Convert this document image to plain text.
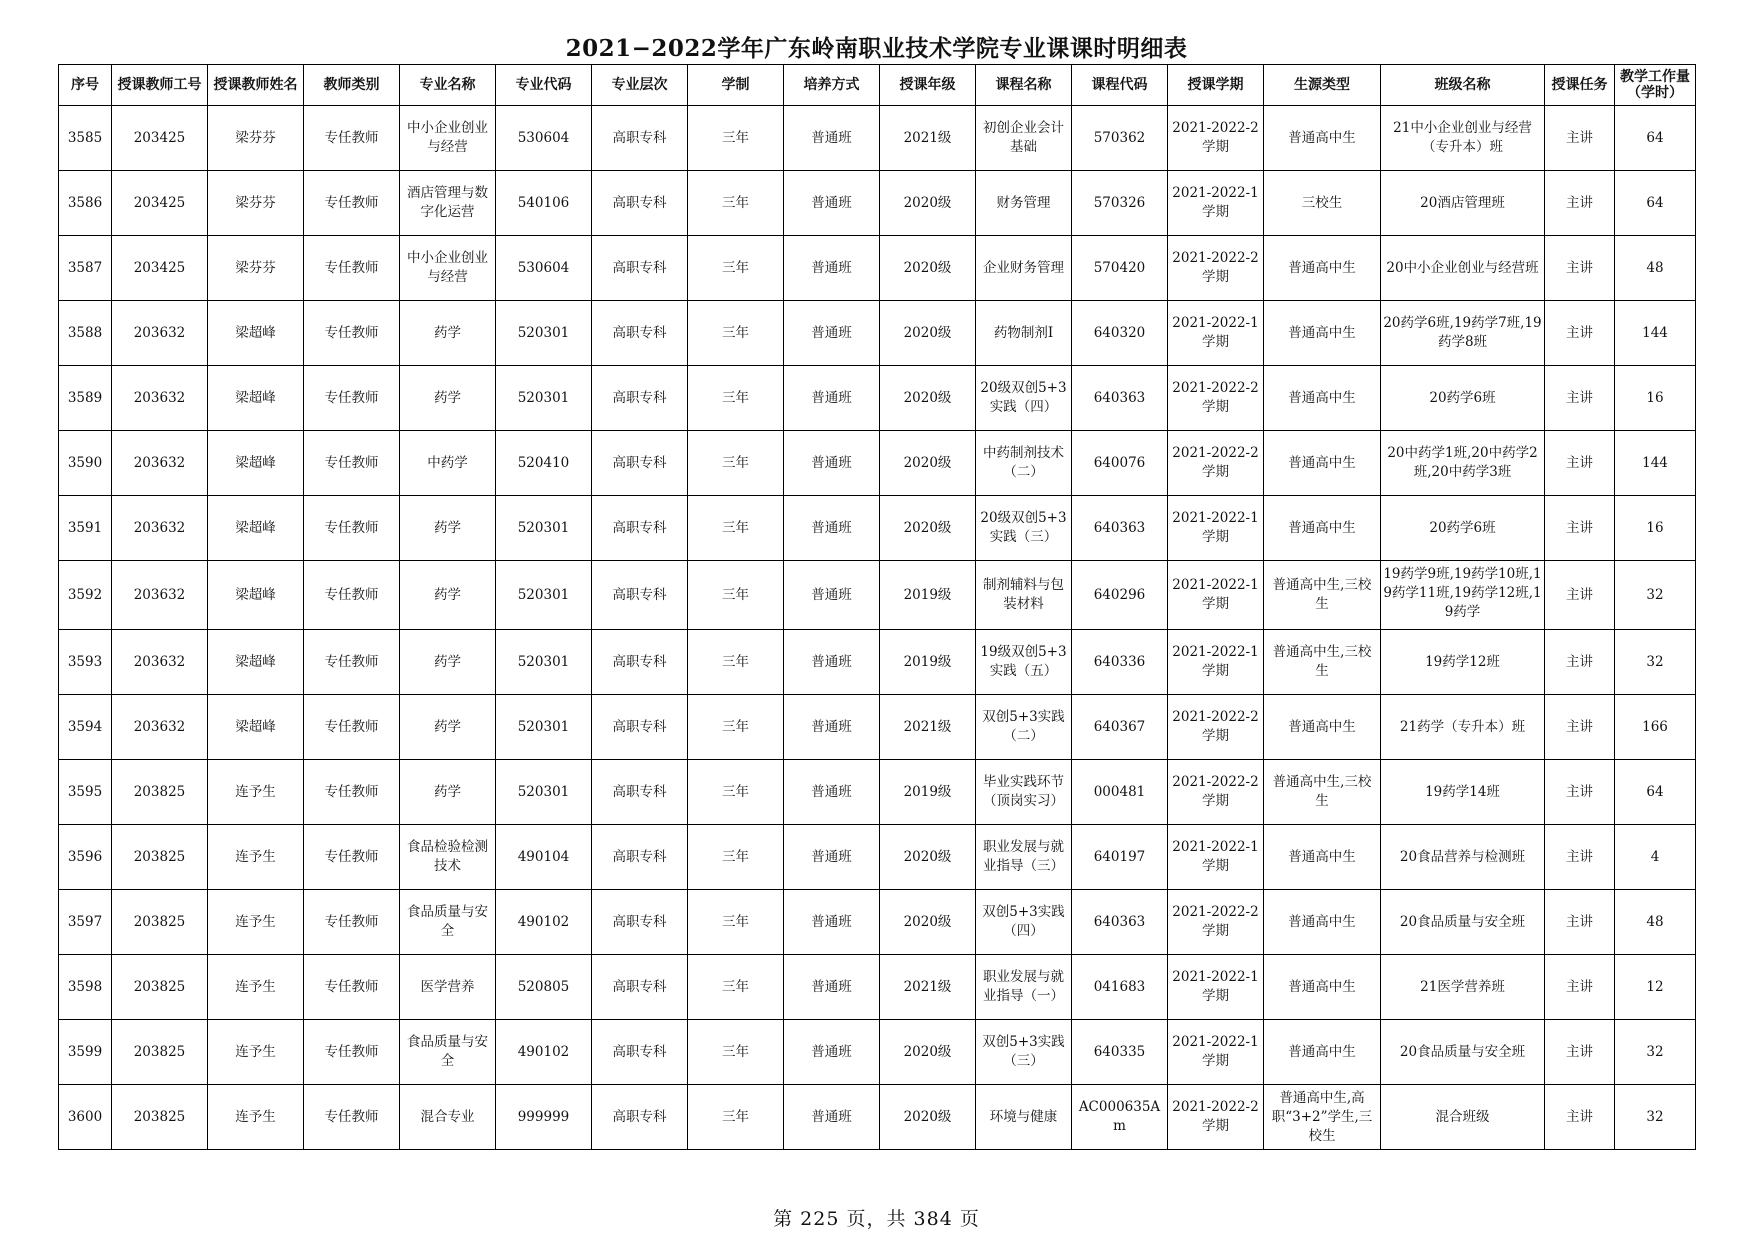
2021−2022学年广东岭南职业技术学院专业课课时明细表
序号	授课教师工号	授课教师姓名	教师类别	专业名称	专业代码	专业层次	学制	培养方式	授课年级	课程名称	课程代码	授课学期	生源类型	班级名称	授课任务	教学工作量（学时）
3585	203425	梁芬芬	专任教师	中小企业创业与经营	530604	高职专科	三年	普通班	2021级	初创企业会计基础	570362	2021-2022-2学期	普通高中生	21中小企业创业与经营（专升本）班	主讲	64
3586	203425	梁芬芬	专任教师	酒店管理与数字化运营	540106	高职专科	三年	普通班	2020级	财务管理	570326	2021-2022-1学期	三校生	20酒店管理班	主讲	64
3587	203425	梁芬芬	专任教师	中小企业创业与经营	530604	高职专科	三年	普通班	2020级	企业财务管理	570420	2021-2022-2学期	普通高中生	20中小企业创业与经营班	主讲	48
3588	203632	梁超峰	专任教师	药学	520301	高职专科	三年	普通班	2020级	药物制剂I	640320	2021-2022-1学期	普通高中生	20药学6班,19药学7班,19药学8班	主讲	144
3589	203632	梁超峰	专任教师	药学	520301	高职专科	三年	普通班	2020级	20级双创5+3实践（四）	640363	2021-2022-2学期	普通高中生	20药学6班	主讲	16
3590	203632	梁超峰	专任教师	中药学	520410	高职专科	三年	普通班	2020级	中药制剂技术（二）	640076	2021-2022-2学期	普通高中生	20中药学1班,20中药学2班,20中药学3班	主讲	144
3591	203632	梁超峰	专任教师	药学	520301	高职专科	三年	普通班	2020级	20级双创5+3实践（三）	640363	2021-2022-1学期	普通高中生	20药学6班	主讲	16
3592	203632	梁超峰	专任教师	药学	520301	高职专科	三年	普通班	2019级	制剂辅料与包装材料	640296	2021-2022-1学期	普通高中生,三校生	19药学9班,19药学10班,19药学11班,19药学12班,19药学	主讲	32
3593	203632	梁超峰	专任教师	药学	520301	高职专科	三年	普通班	2019级	19级双创5+3实践（五）	640336	2021-2022-1学期	普通高中生,三校生	19药学12班	主讲	32
3594	203632	梁超峰	专任教师	药学	520301	高职专科	三年	普通班	2021级	双创5+3实践（二）	640367	2021-2022-2学期	普通高中生	21药学（专升本）班	主讲	166
3595	203825	连予生	专任教师	药学	520301	高职专科	三年	普通班	2019级	毕业实践环节（顶岗实习）	000481	2021-2022-2学期	普通高中生,三校生	19药学14班	主讲	64
3596	203825	连予生	专任教师	食品检验检测技术	490104	高职专科	三年	普通班	2020级	职业发展与就业指导（三）	640197	2021-2022-1学期	普通高中生	20食品营养与检测班	主讲	4
3597	203825	连予生	专任教师	食品质量与安全	490102	高职专科	三年	普通班	2020级	双创5+3实践（四）	640363	2021-2022-2学期	普通高中生	20食品质量与安全班	主讲	48
3598	203825	连予生	专任教师	医学营养	520805	高职专科	三年	普通班	2021级	职业发展与就业指导（一）	041683	2021-2022-1学期	普通高中生	21医学营养班	主讲	12
3599	203825	连予生	专任教师	食品质量与安全	490102	高职专科	三年	普通班	2020级	双创5+3实践（三）	640335	2021-2022-1学期	普通高中生	20食品质量与安全班	主讲	32
3600	203825	连予生	专任教师	混合专业	999999	高职专科	三年	普通班	2020级	环境与健康	AC000635Am	2021-2022-2学期	普通高中生,高职“3+2”学生,三校生	混合班级	主讲	32
第 225 页，共 384 页
